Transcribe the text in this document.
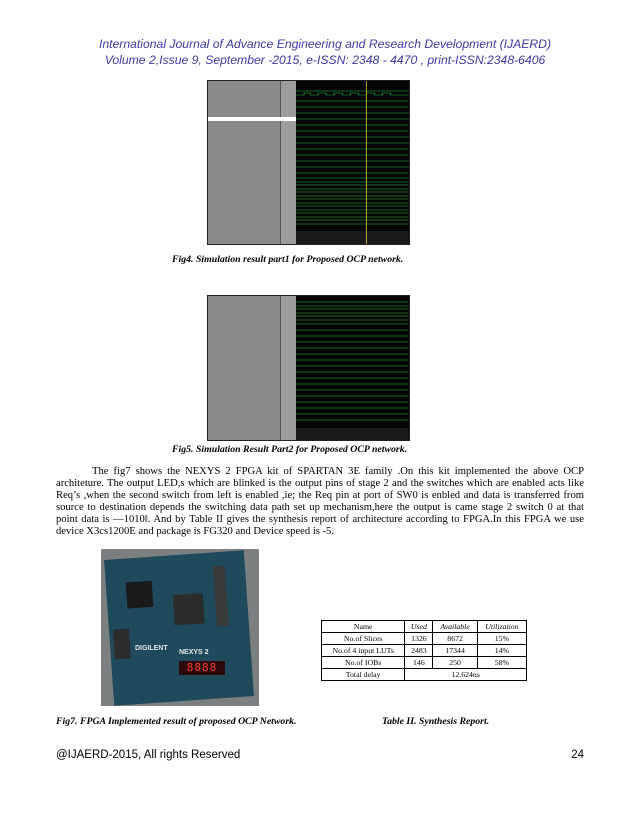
International Journal of Advance Engineering and Research Development (IJAERD)
Volume 2,Issue 9, September -2015, e-ISSN: 2348 - 4470 , print-ISSN:2348-6406
Fig4. Simulation result part1 for Proposed OCP network.
Fig5. Simulation Result Part2 for Proposed OCP network.

The fig7 shows the NEXYS 2 FPGA kit of SPARTAN 3E family .On this kit implemented the above OCP architeture. The output LED,s which are blinked is the output pins of stage 2 and the switches which are enabled acts like Req’s ,when the second switch from left is enabled ,ie; the Req pin at port of SW0 is enbled and data is transferred from source to destination depends the switching data path set up mechanism,here the output is came stage 2 switch 0 at that point data is ―1010‖. And by Table II gives the synthesis report of architecture according to FPGA.In this FPGA we use device X3cs1200E and package is FG320 and Device speed is -5.

DIGILENT
NEXYS 2
8888
Name	Used	Available	Utilization
No.of Slices	1326	8672	15%
No.of 4 input LUTs	2483	17344	14%
No.of IOBs	146	250	58%
Total delay	12.624ns		
Fig7. FPGA Implemented result of proposed OCP Network.	Table II. Synthesis Report.
@IJAERD-2015, All rights Reserved	24
